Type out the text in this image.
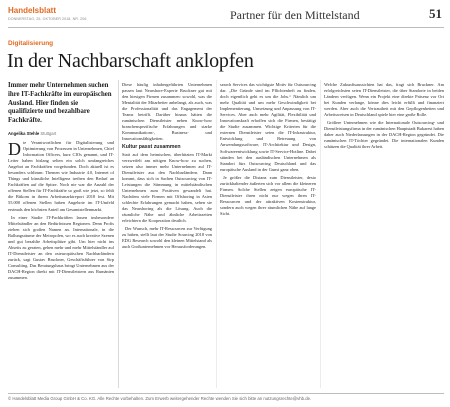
Handelsblatt
DONNERSTAG, 25. OKTOBER 2018, NR. 206	Partner für den Mittelstand	51
Digitalisierung
In der Nachbarschaft anklopfen
Immer mehr Unternehmen suchen ihre IT-Fachkräfte im europäischen Ausland. Hier finden sie qualifizierte und bezahlbare Fachkräfte.
Angelika Stehle Stuttgart

Die Verantwortlichen für Digitalisierung und Optimierung von Prozessen in Unternehmen, Chief Information Officers, kurz CIOs genannt, und IT-Leiter haben bislang selten ein solch umfangreiches Angebot an Fachkräften vorgefunden. Doch aktuell ist es besonders schlimm: Themen wie Industrie 4.0, Internet of Things und künstliche Intelligenz treiben den Bedarf an Fachkräften auf die Spitze. Noch nie war die Anzahl der offenen Stellen für IT-Fachkräfte so groß wie jetzt, so fehlt die Bitkom in ihrem Arbeitsmarktreport 2018 fest. Mit 55.000 offenen Stellen haben Angebote im IT-Umfeld erstmals den höchsten Anteil am Gesamtstellenmarkt.

In einer Studie IT-Fachkräften lassen insbesondere Mittelständler an den Bedürfnissen Regionen. Denn Profis ziehen sich großen Namen an. Internationale, in die Ballungsräume der Metropolen, wo es auch kreative Szenen und gut bezahlte Arbeitsplätze gibt. Um hier nicht ins Abseits zu geraten, gehen mehr und mehr Mittelständler auf IT-Dienstleister an den osteuropäischen Nachbarländern zurück, sagt Gustav Bruckner, Geschäftsführer von Sirp Consulting. Das Beratungshaus bringt Unternehmen aus der DACH-Region direkt mit IT-Dienstleistern aus Rumänien zusammen.

Diese häufig inhabergeführten Unternehmen passen laut Nearshore-Experte Bruckner gut mit den hiesigen Firmen zusammen: sowohl, was die Mentalität der Mitarbeiter anbelangt, als auch, was die Professionalität und das Engagement der Teams betrifft. Darüber hinaus hätten die rumänischen Dienstleister neben Know-how branchenspezifische Erfahrungen und starke Kommunikations-, Business- und Innovationsfähigkeiten.

Kultur passt zusammen

Statt auf dem heimischen, überhitzten IT-Markt verzweifelt am nötigen Know-how zu suchen, setzen also immer mehr Unternehmen auf IT-Dienstleister aus den Nachbarländern. Dann kommt, dass sich in Sachen Outsourcing von IT-Leistungen die Stimmung in mittelständischen Unternehmen zum Positiven gewandelt hat. Nachdem viele Firmen mit Offshoring in Asien schlechte Erfahrungen gemacht haben, sehen sie das Nearshoring als die Lösung. Auch die räumliche Nähe und ähnliche Arbeitszeiten erleichtern die Kooperation deutlich.

Der Wunsch, mehr IT-Ressourcen zur Verfügung zu haben, stellt laut der Studie Sourcing 2018 von EDG Research sowohl den kleinen Mittelstand als auch Großunternehmen vor Herausforderungen.

search Services das wichtigste Motiv für Outsourcing dar. „Die Gründe sind im Pflichtenheft zu finden, doch eigentlich geht es um die Jobs.“ Nämlich um mehr Qualität und um mehr Geschwindigkeit bei Implementierung, Umsetzung und Anpassung von IT-Services. Aber auch mehr Agilität, Flexibilität und Innovationskraft erhoffen sich die Firmen, bestätigt die Studie zusammen. Wichtige Kriterien für die externen Dienstleister seien die IT-Infrastruktur, Entwicklung und Betreuung von Anwendungssoftware, IT-Architektur und Design, Softwareentwicklung sowie IT-Service-Hotline. Dabei stünden bei den ausländischen Unternehmen als Standort fürs Outsourcing Deutschland und das europäische Ausland in der Gunst ganz oben.

Je größer die Distanz zum Dienstleister, desto zurückhaltender äußerten sich vor allem die kleineren Firmen. Solche Stellen zeigen europäische IT-Dienstleister ihren nicht nur wegen ihren IT-Ressourcen und der attraktiven Kostenstruktur, sondern auch wegen ihrer räumlichen Nähe auf lange Sicht.

Welche Zukunftsaussichten hat das, fragt sich Bruckner. Am erfolgreichsten seien IT-Dienstleister, die über Standorte in beiden Ländern verfügen. Wenn ein Projekt eine direkte Präsenz vor Ort bei Kunden verlange, könne dies leicht erfüllt und finanziert werden. Aber auch die Vertrautheit mit den Gepflogenheiten und Arbeitsweisen in Deutschland spiele hier eine große Rolle.

Größere Unternehmen wie die Internationale Outsourcing- und Dienstleistungsfirma in der rumänischen Hauptstadt Bukarest haben daher auch Niederlassungen in der DACH-Region gegründet. Die rumänischen IT-Töchter gegründet. Die internationalen Kunden schätzen die Qualität ihrer Arbeit.

© Handelsblatt Media Group GmbH & Co. KG. Alle Rechte vorbehalten. Zum Erwerb weitergehender Rechte wenden Sie sich bitte an nutzungsrechte@vhb.de.
